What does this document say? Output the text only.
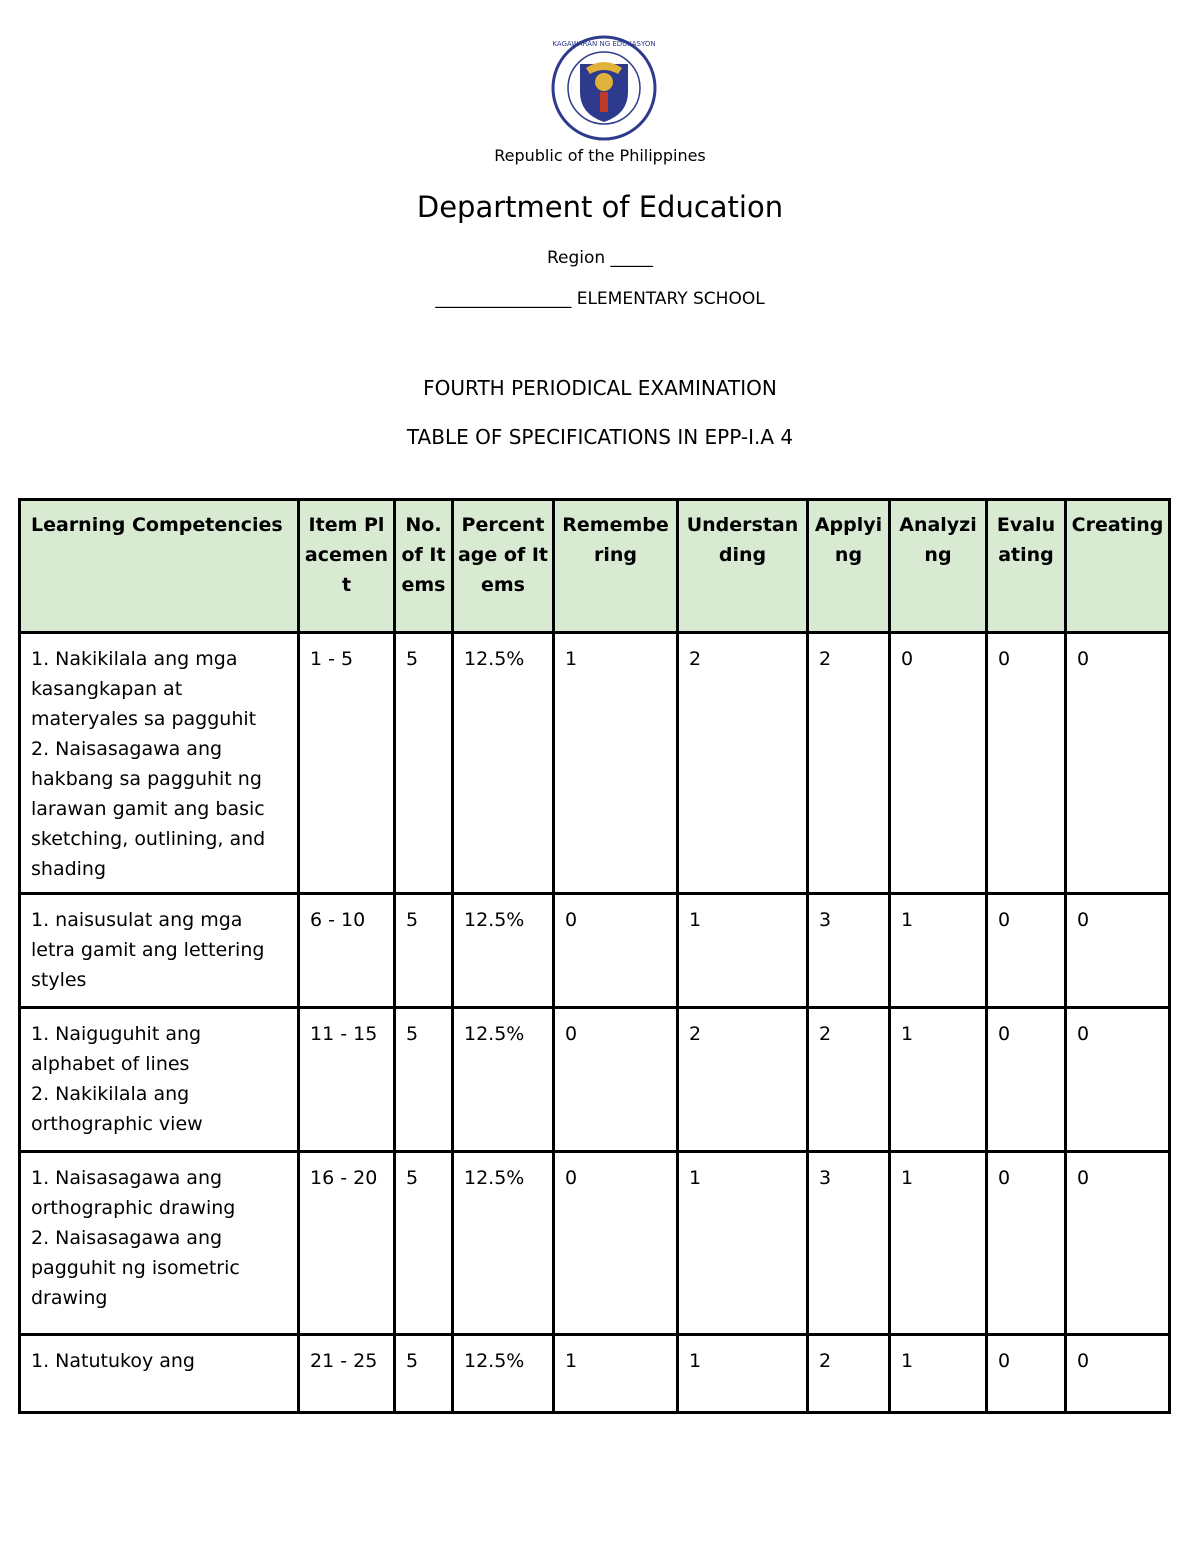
KAGAWARAN NG EDUKASYON
Republic of the Philippines
Department of Education
Region _____
________________ ELEMENTARY SCHOOL
FOURTH PERIODICAL EXAMINATION
TABLE OF SPECIFICATIONS IN EPP-I.A 4
Learning Competencies	Item Placement	No. of Items	Percentage of Items	Remembering	Understanding	Applying	Analyzing	Evaluating	Creating
1. Nakikilala ang mga kasangkapan at materyales sa pagguhit
2. Naisasagawa ang hakbang sa pagguhit ng larawan gamit ang basic sketching, outlining, and shading	1 - 5	5	12.5%	1	2	2	0	0	0
1. naisusulat ang mga letra gamit ang lettering styles	6 - 10	5	12.5%	0	1	3	1	0	0
1. Naiguguhit ang alphabet of lines
2. Nakikilala ang orthographic view	11 - 15	5	12.5%	0	2	2	1	0	0
1. Naisasagawa ang orthographic drawing
2. Naisasagawa ang pagguhit ng isometric drawing	16 - 20	5	12.5%	0	1	3	1	0	0
1. Natutukoy ang	21 - 25	5	12.5%	1	1	2	1	0	0
